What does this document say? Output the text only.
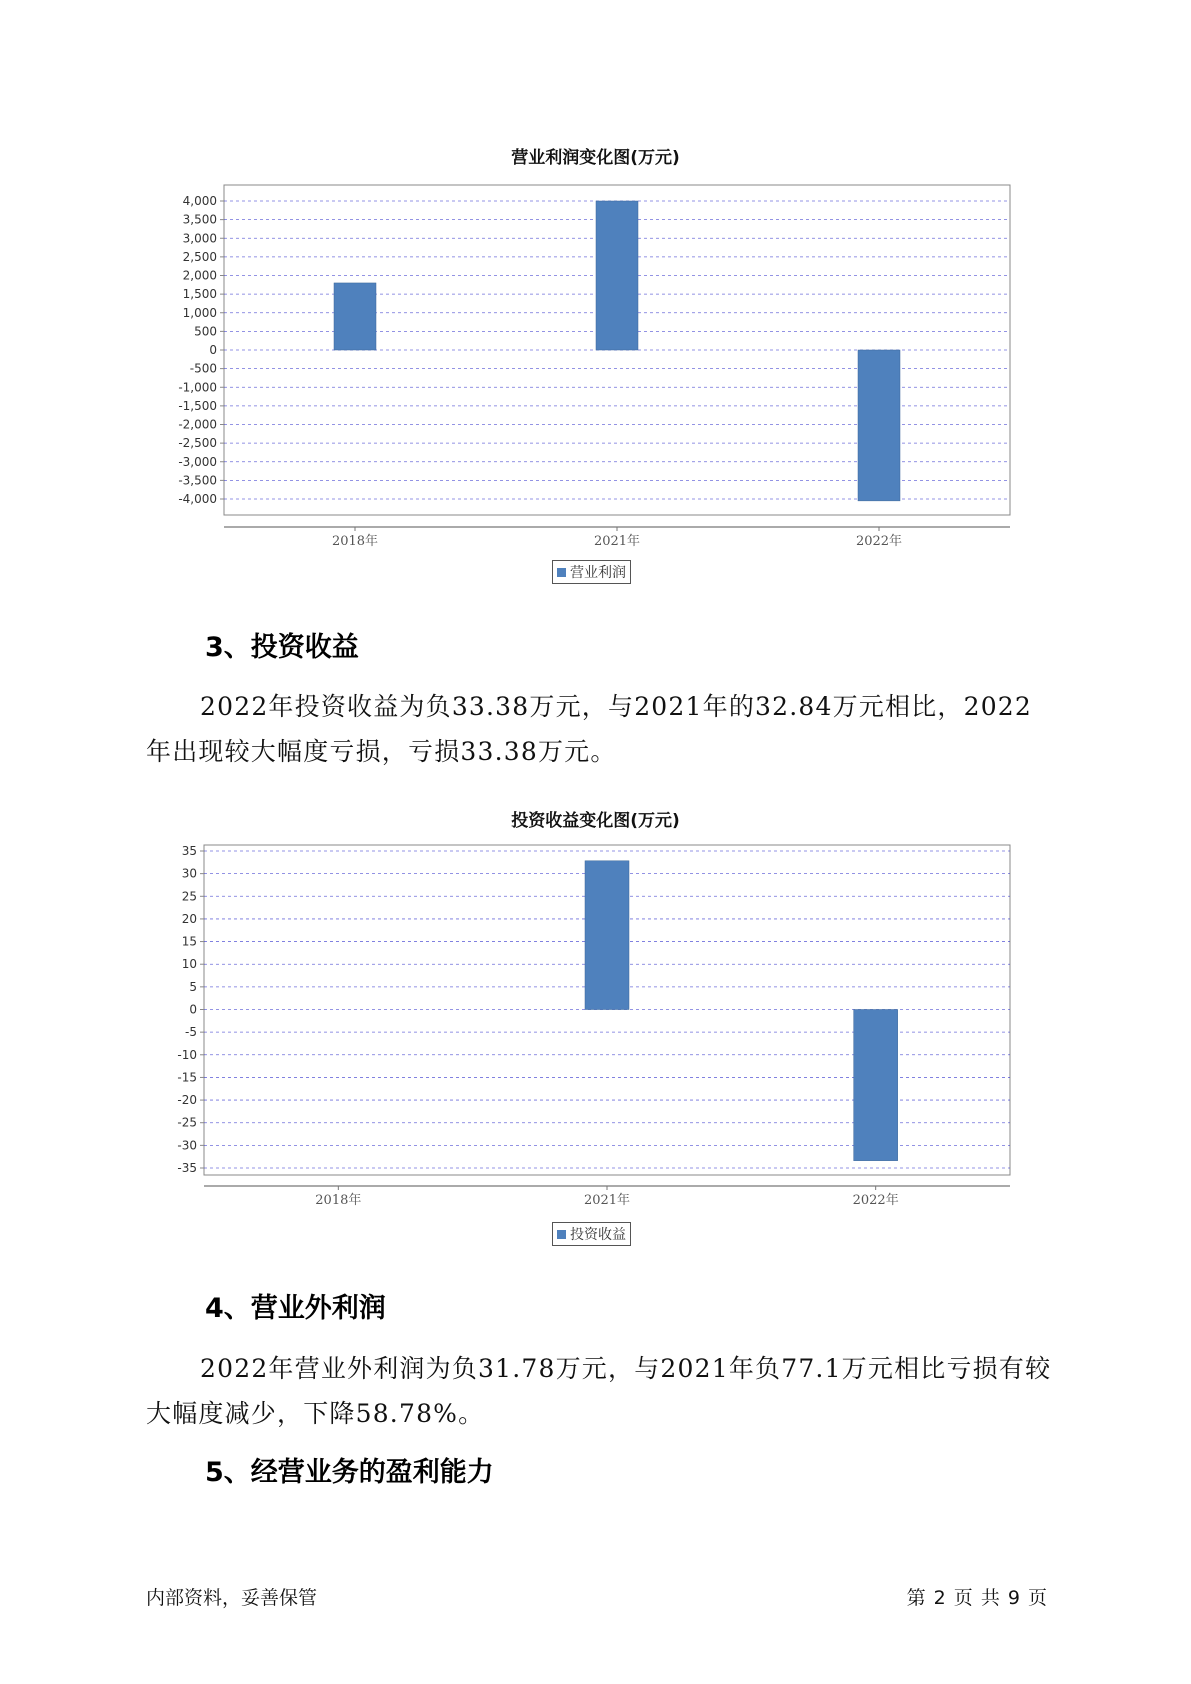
营业利润变化图(万元)
4,000
3,500
3,000
2,500
2,000
1,500
1,000
500
0
-500
-1,000
-1,500
-2,000
-2,500
-3,000
-3,500
-4,000
2018年	2021年	2022年
营业利润
3、投资收益

2022年投资收益为负33.38万元，与2021年的32.84万元相比，2022年出现较大幅度亏损，亏损33.38万元。

投资收益变化图(万元)
35
30
25
20
15
10
5
0
-5
-10
-15
-20
-25
-30
-35
2018年	2021年	2022年
投资收益
4、营业外利润

2022年营业外利润为负31.78万元，与2021年负77.1万元相比亏损有较大幅度减少，下降58.78%。

5、经营业务的盈利能力
内部资料，妥善保管	第 2 页 共 9 页
